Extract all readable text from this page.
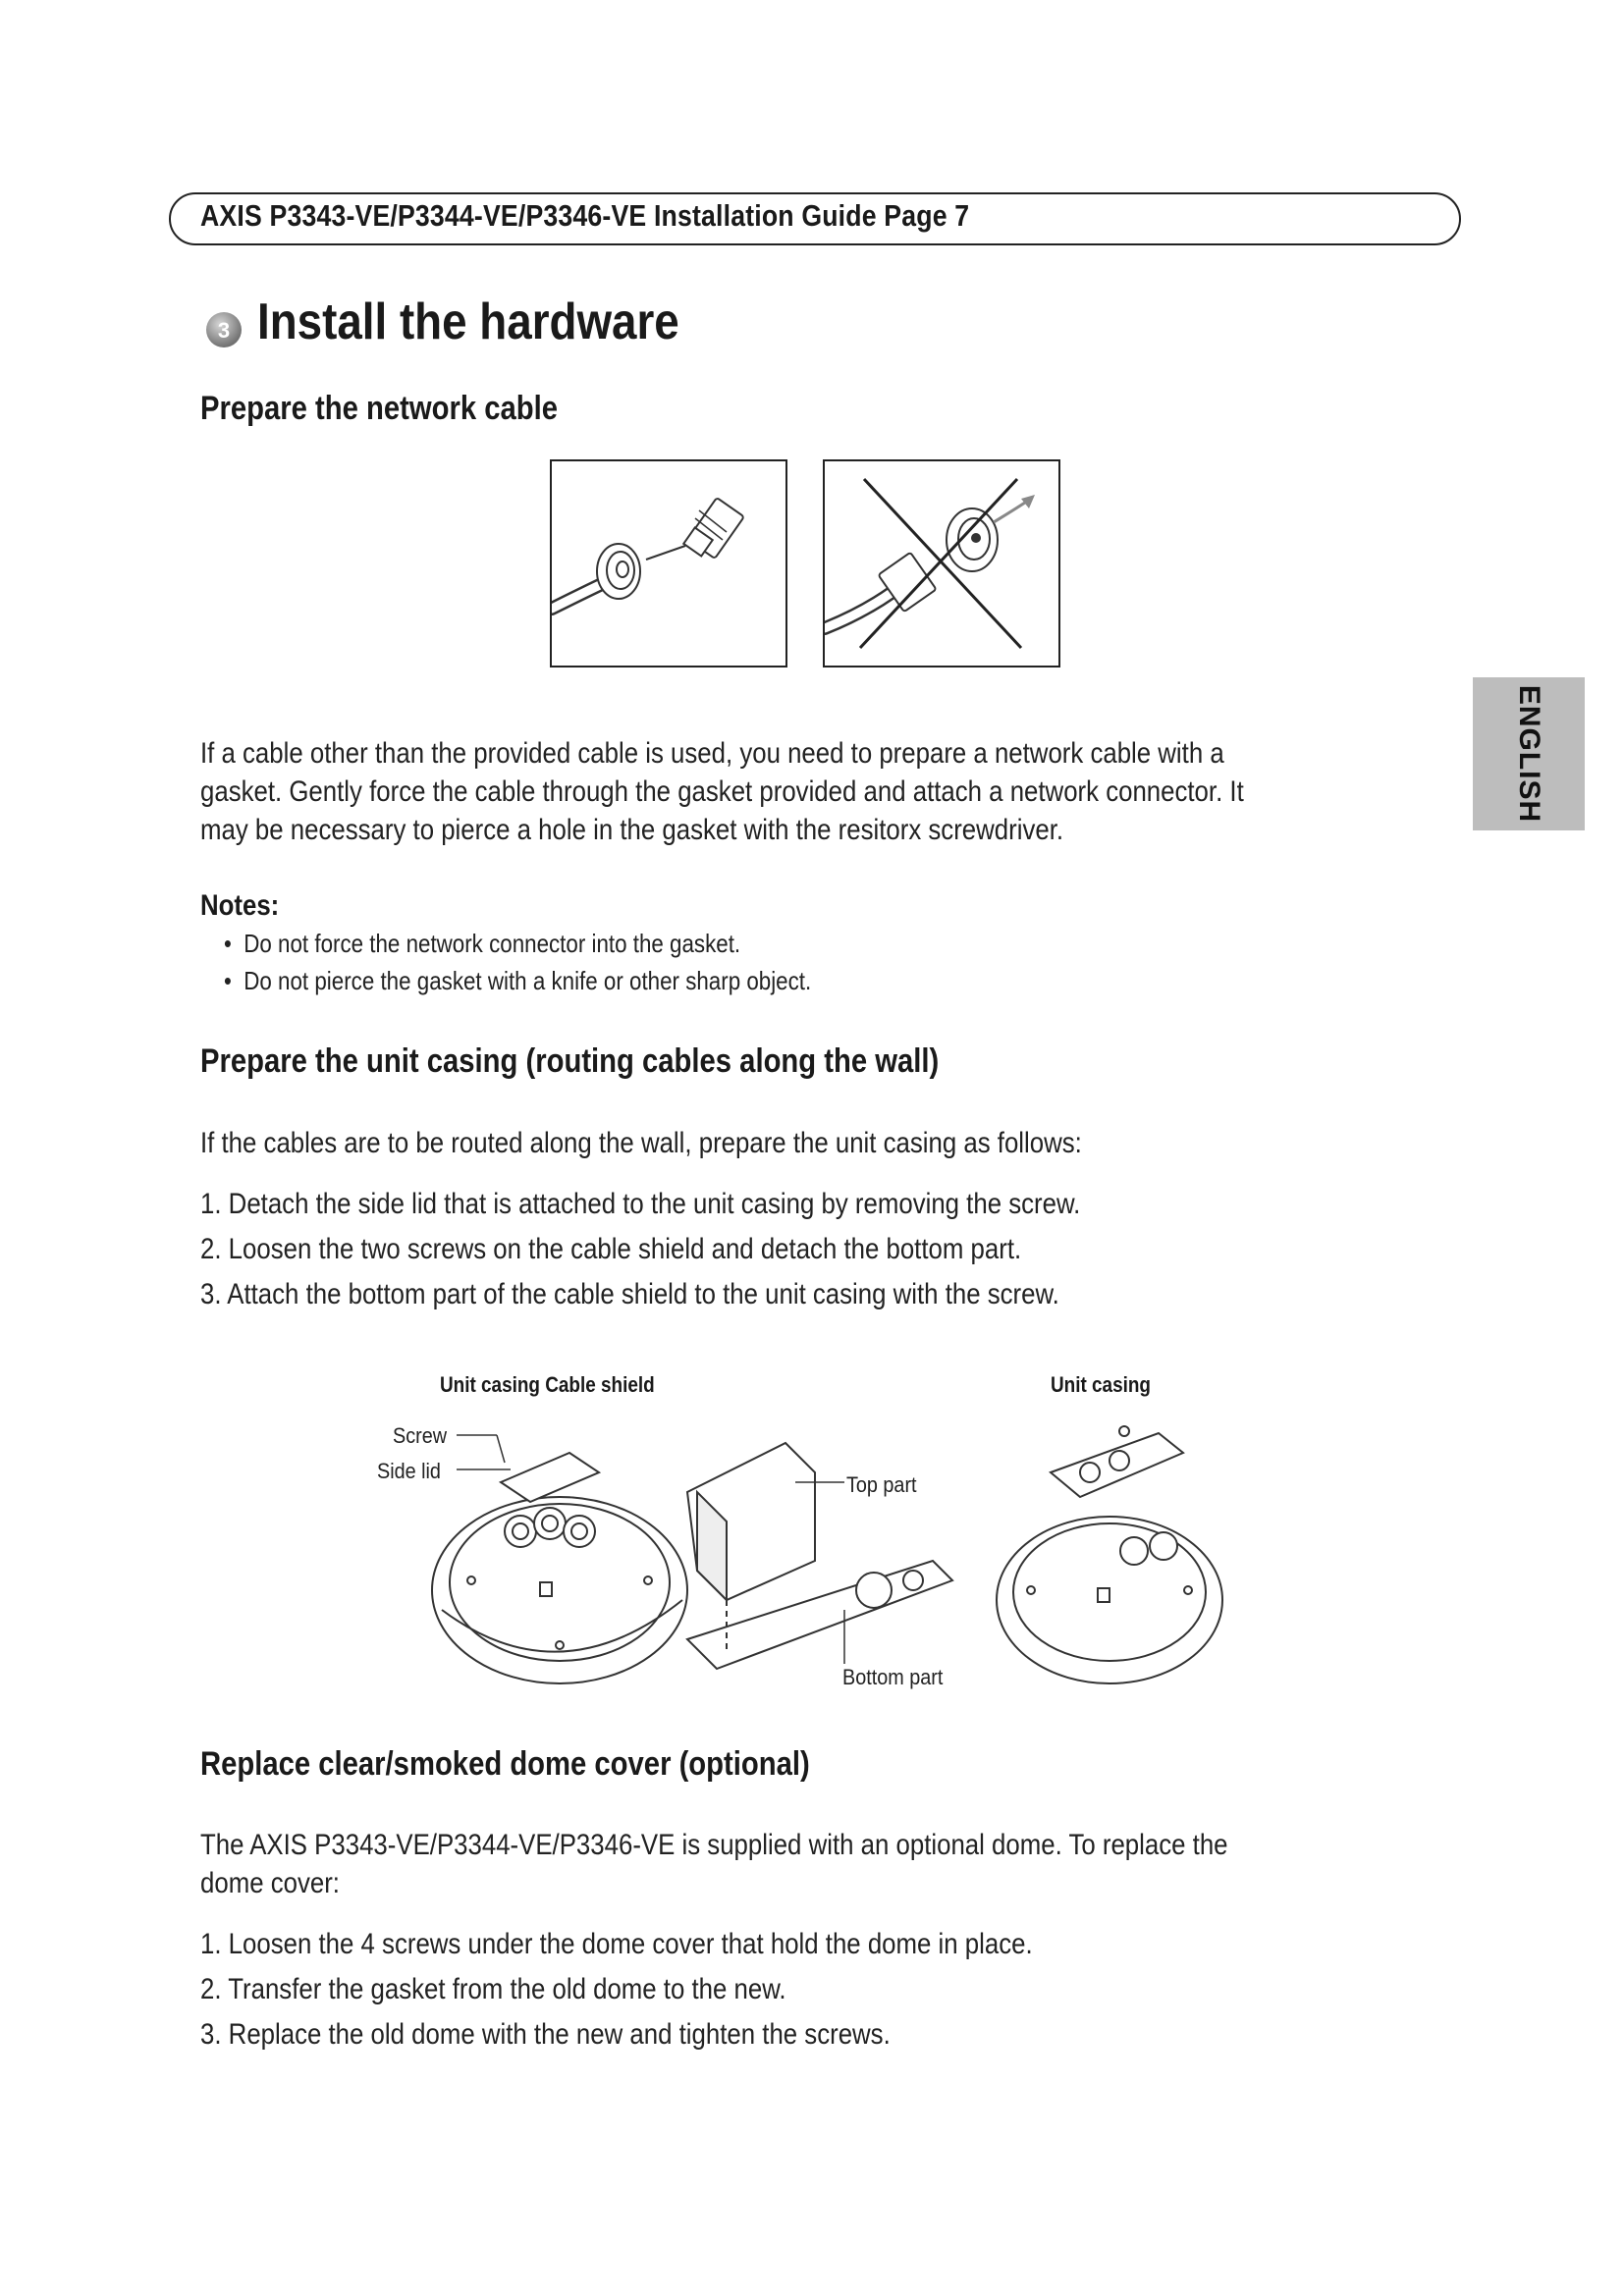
AXIS P3343-VE/P3344-VE/P3346-VE Installation Guide Page 7
3 Install the hardware
ENGLISH
Prepare the network cable

If a cable other than the provided cable is used, you need to prepare a network cable with a gasket. Gently force the cable through the gasket provided and attach a network connector. It may be necessary to pierce a hole in the gasket with the resitorx screwdriver.

Notes:
•  Do not force the network connector into the gasket.
•  Do not pierce the gasket with a knife or other sharp object.
Prepare the unit casing (routing cables along the wall)
If the cables are to be routed along the wall, prepare the unit casing as follows:
1. Detach the side lid that is attached to the unit casing by removing the screw.
2. Loosen the two screws on the cable shield and detach the bottom part.
3. Attach the bottom part of the cable shield to the unit casing with the screw.
Unit casing Cable shield	Unit casing
Screw
Side lid
Top part
Bottom part
Replace clear/smoked dome cover (optional)

The AXIS P3343-VE/P3344-VE/P3346-VE is supplied with an optional dome. To replace the dome cover:

1. Loosen the 4 screws under the dome cover that hold the dome in place.
2. Transfer the gasket from the old dome to the new.
3. Replace the old dome with the new and tighten the screws.
